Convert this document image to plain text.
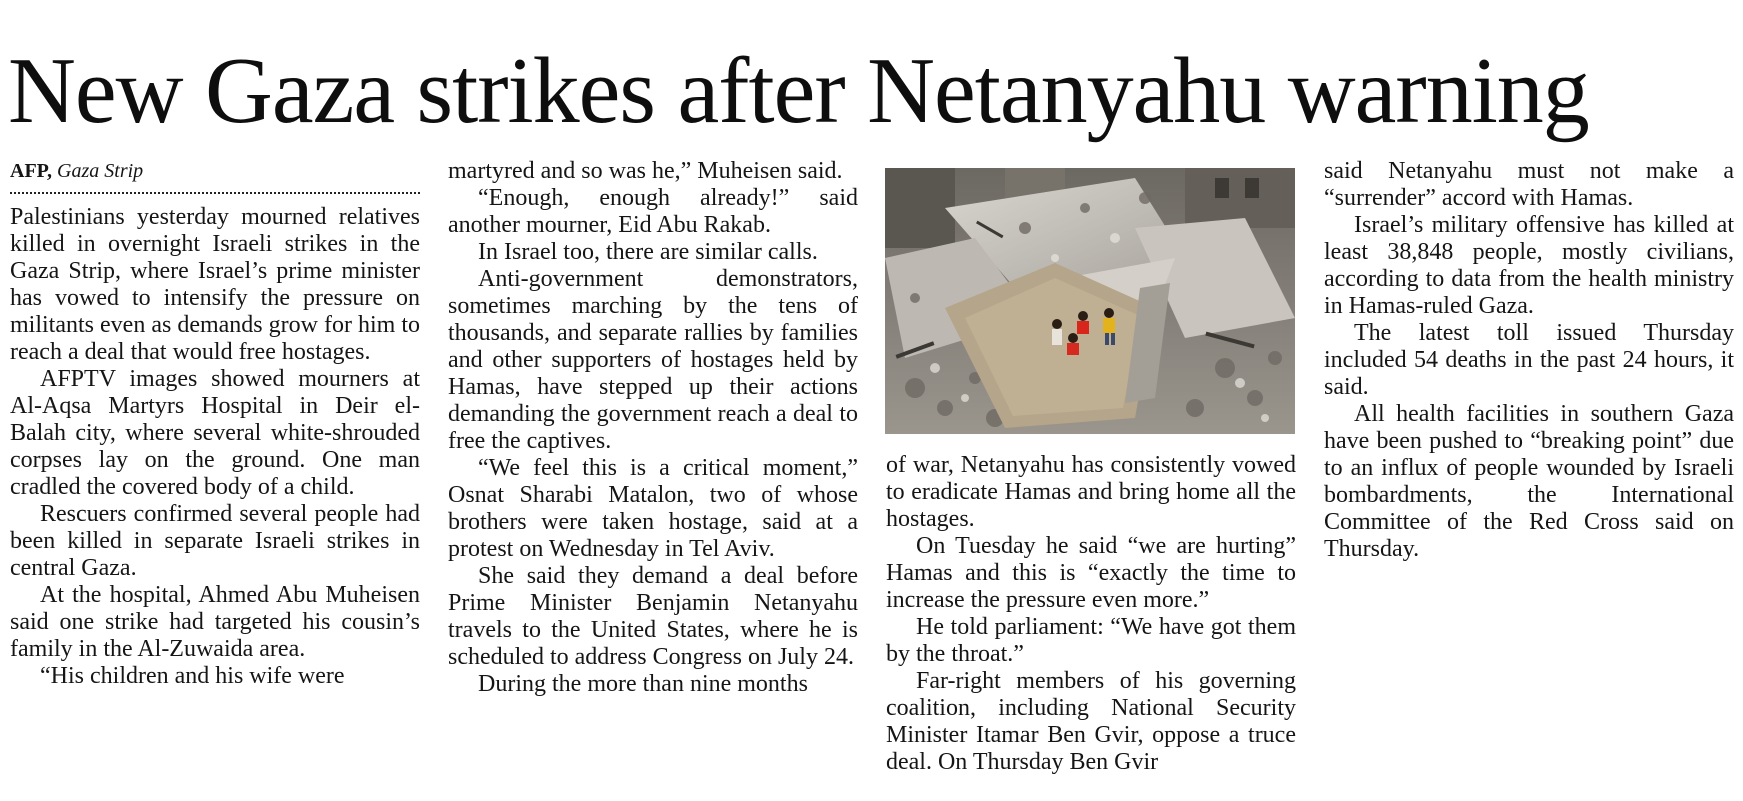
New Gaza strikes after Netanyahu warning
AFP, Gaza Strip

Palestinians yesterday mourned relatives killed in overnight Israeli strikes in the Gaza Strip, where Israel’s prime minister has vowed to intensify the pressure on militants even as demands grow for him to reach a deal that would free hostages.

AFPTV images showed mourners at Al-Aqsa Martyrs Hospital in Deir el-Balah city, where several white-shrouded corpses lay on the ground. One man cradled the covered body of a child.

Rescuers confirmed several people had been killed in separate Israeli strikes in central Gaza.

At the hospital, Ahmed Abu Muheisen said one strike had targeted his cousin’s family in the Al-Zuwaida area.

“His children and his wife were

martyred and so was he,” Muheisen said.

“Enough, enough already!” said another mourner, Eid Abu Rakab.

In Israel too, there are similar calls.

Anti-government demonstrators, sometimes marching by the tens of thousands, and separate rallies by families and other supporters of hostages held by Hamas, have stepped up their actions demanding the government reach a deal to free the captives.

“We feel this is a critical moment,” Osnat Sharabi Matalon, two of whose brothers were taken hostage, said at a protest on Wednesday in Tel Aviv.

She said they demand a deal before Prime Minister Benjamin Netanyahu travels to the United States, where he is scheduled to address Congress on July 24.

During the more than nine months

of war, Netanyahu has consistently vowed to eradicate Hamas and bring home all the hostages.

On Tuesday he said “we are hurting” Hamas and this is “exactly the time to increase the pressure even more.”

He told parliament: “We have got them by the throat.”

Far-right members of his governing coalition, including National Security Minister Itamar Ben Gvir, oppose a truce deal. On Thursday Ben Gvir

said Netanyahu must not make a “surrender” accord with Hamas.

Israel’s military offensive has killed at least 38,848 people, mostly civilians, according to data from the health ministry in Hamas-ruled Gaza.

The latest toll issued Thursday included 54 deaths in the past 24 hours, it said.

All health facilities in southern Gaza have been pushed to “breaking point” due to an influx of people wounded by Israeli bombardments, the International Committee of the Red Cross said on Thursday.
